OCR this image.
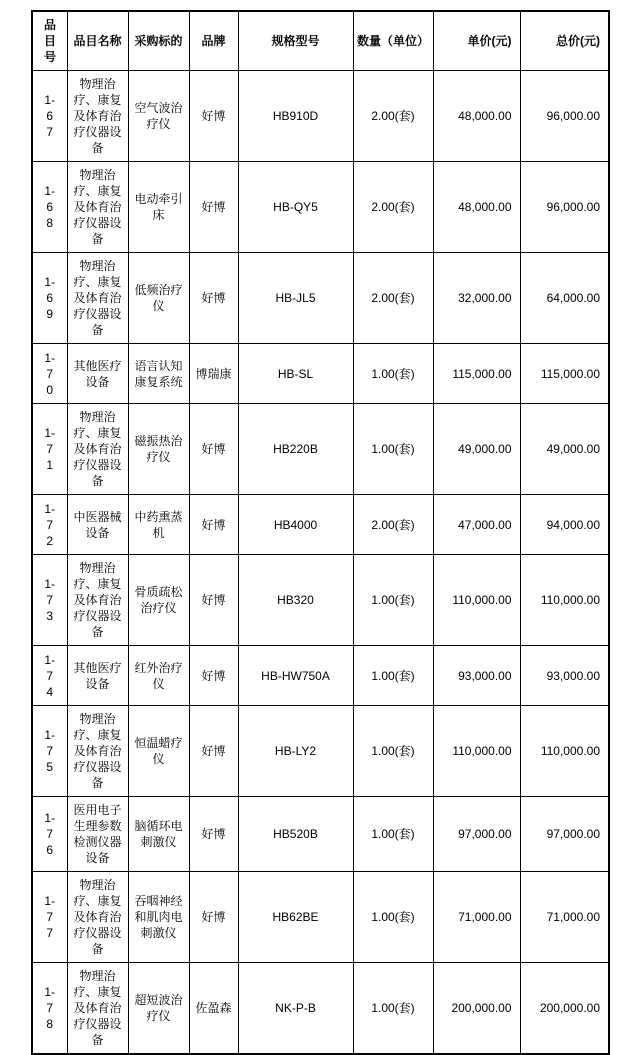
品目号	品目名称	采购标的	品牌	规格型号	数量（单位）	单价(元)	总价(元)
1-67	物理治疗、康复及体育治疗仪器设备	空气波治疗仪	好博	HB910D	2.00(套)	48,000.00	96,000.00
1-68	物理治疗、康复及体育治疗仪器设备	电动牵引床	好博	HB-QY5	2.00(套)	48,000.00	96,000.00
1-69	物理治疗、康复及体育治疗仪器设备	低频治疗仪	好博	HB-JL5	2.00(套)	32,000.00	64,000.00
1-70	其他医疗设备	语言认知康复系统	博瑞康	HB-SL	1.00(套)	115,000.00	115,000.00
1-71	物理治疗、康复及体育治疗仪器设备	磁振热治疗仪	好博	HB220B	1.00(套)	49,000.00	49,000.00
1-72	中医器械设备	中药熏蒸机	好博	HB4000	2.00(套)	47,000.00	94,000.00
1-73	物理治疗、康复及体育治疗仪器设备	骨质疏松治疗仪	好博	HB320	1.00(套)	110,000.00	110,000.00
1-74	其他医疗设备	红外治疗仪	好博	HB-HW750A	1.00(套)	93,000.00	93,000.00
1-75	物理治疗、康复及体育治疗仪器设备	恒温蜡疗仪	好博	HB-LY2	1.00(套)	110,000.00	110,000.00
1-76	医用电子生理参数检测仪器设备	脑循环电刺激仪	好博	HB520B	1.00(套)	97,000.00	97,000.00
1-77	物理治疗、康复及体育治疗仪器设备	吞咽神经和肌肉电刺激仪	好博	HB62BE	1.00(套)	71,000.00	71,000.00
1-78	物理治疗、康复及体育治疗仪器设备	超短波治疗仪	佐盈森	NK-P-B	1.00(套)	200,000.00	200,000.00
